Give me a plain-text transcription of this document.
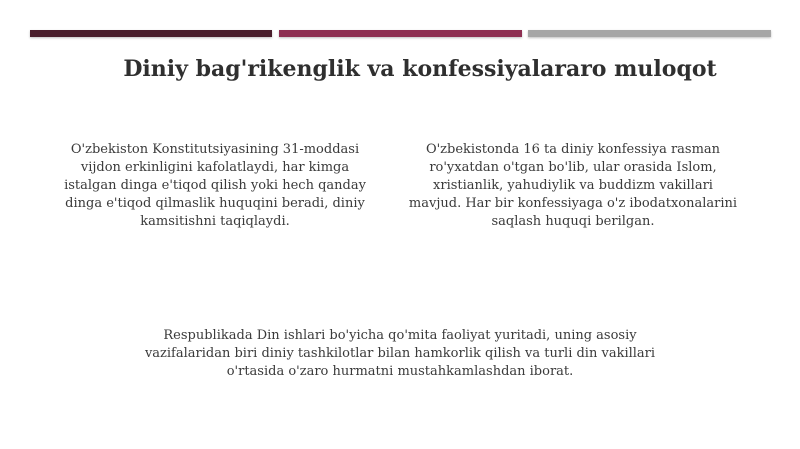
Diniy bag'rikenglik va konfessiyalararo muloqot

O'zbekiston Konstitutsiyasining 31-moddasi vijdon erkinligini kafolatlaydi, har kimga istalgan dinga e'tiqod qilish yoki hech qanday dinga e'tiqod qilmaslik huquqini beradi, diniy kamsitishni taqiqlaydi.

O'zbekistonda 16 ta diniy konfessiya rasman ro'yxatdan o'tgan bo'lib, ular orasida Islom, xristianlik, yahudiylik va buddizm vakillari mavjud. Har bir konfessiyaga o'z ibodatxonalarini saqlash huquqi berilgan.

Respublikada Din ishlari bo'yicha qo'mita faoliyat yuritadi, uning asosiy vazifalaridan biri diniy tashkilotlar bilan hamkorlik qilish va turli din vakillari o'rtasida o'zaro hurmatni mustahkamlashdan iborat.
